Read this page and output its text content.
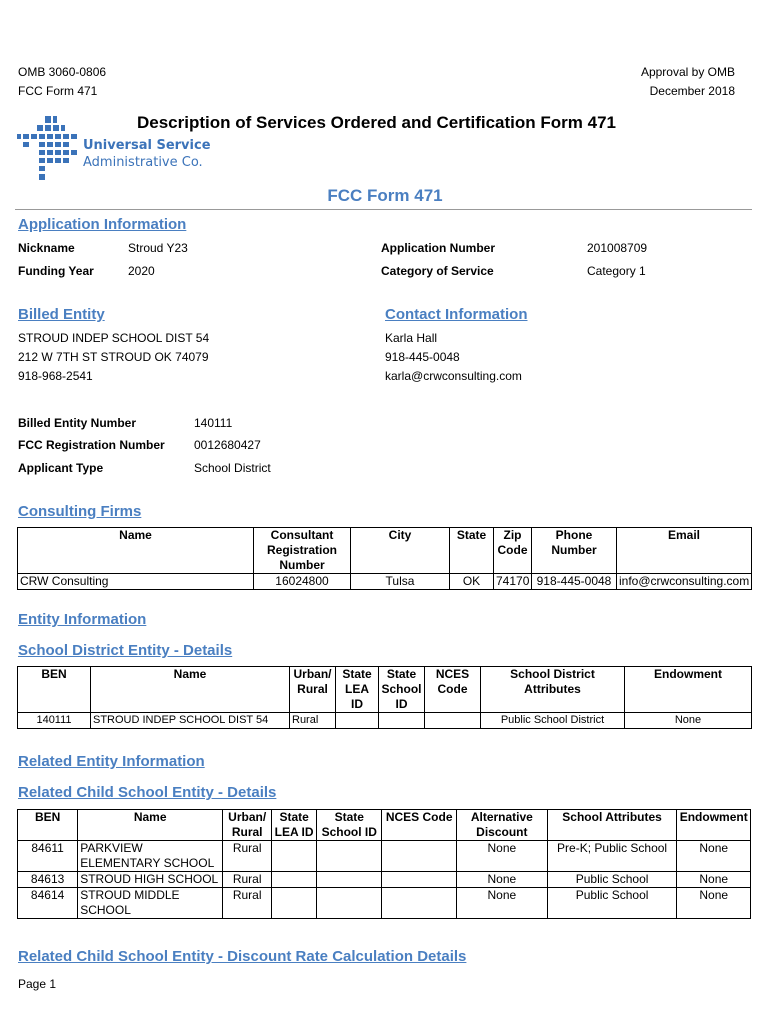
OMB 3060-0806
FCC Form 471
Approval by OMB
December 2018
Description of Services Ordered and Certification Form 471
Universal Service
Administrative Co.
FCC Form 471
Application Information
Nickname	Stroud Y23
Funding Year	2020
Application Number	201008709
Category of Service	Category 1
Billed Entity
STROUD INDEP SCHOOL DIST 54
212 W 7TH ST STROUD OK 74079
918-968-2541
Contact Information
Karla Hall
918-445-0048
karla@crwconsulting.com
Billed Entity Number	140111
FCC Registration Number 0012680427
Applicant Type	School District
Consulting Firms
Name	Consultant Registration Number	City	State	Zip Code	Phone Number	Email
CRW Consulting	16024800	Tulsa	OK	74170	918-445-0048	info@crwconsulting.com
Entity Information
School District Entity - Details
BEN	Name	Urban/ Rural	State LEA ID	State School ID	NCES Code	School District Attributes	Endowment
140111	STROUD INDEP SCHOOL DIST 54	Rural				Public School District	None
Related Entity Information
Related Child School Entity - Details
BEN	Name	Urban/ Rural	State LEA ID	State School ID	NCES Code	Alternative Discount	School Attributes	Endowment
84611	PARKVIEW ELEMENTARY SCHOOL	Rural				None	Pre-K; Public School	None
84613	STROUD HIGH SCHOOL	Rural				None	Public School	None
84614	STROUD MIDDLE SCHOOL	Rural				None	Public School	None
Related Child School Entity - Discount Rate Calculation Details
Page 1
